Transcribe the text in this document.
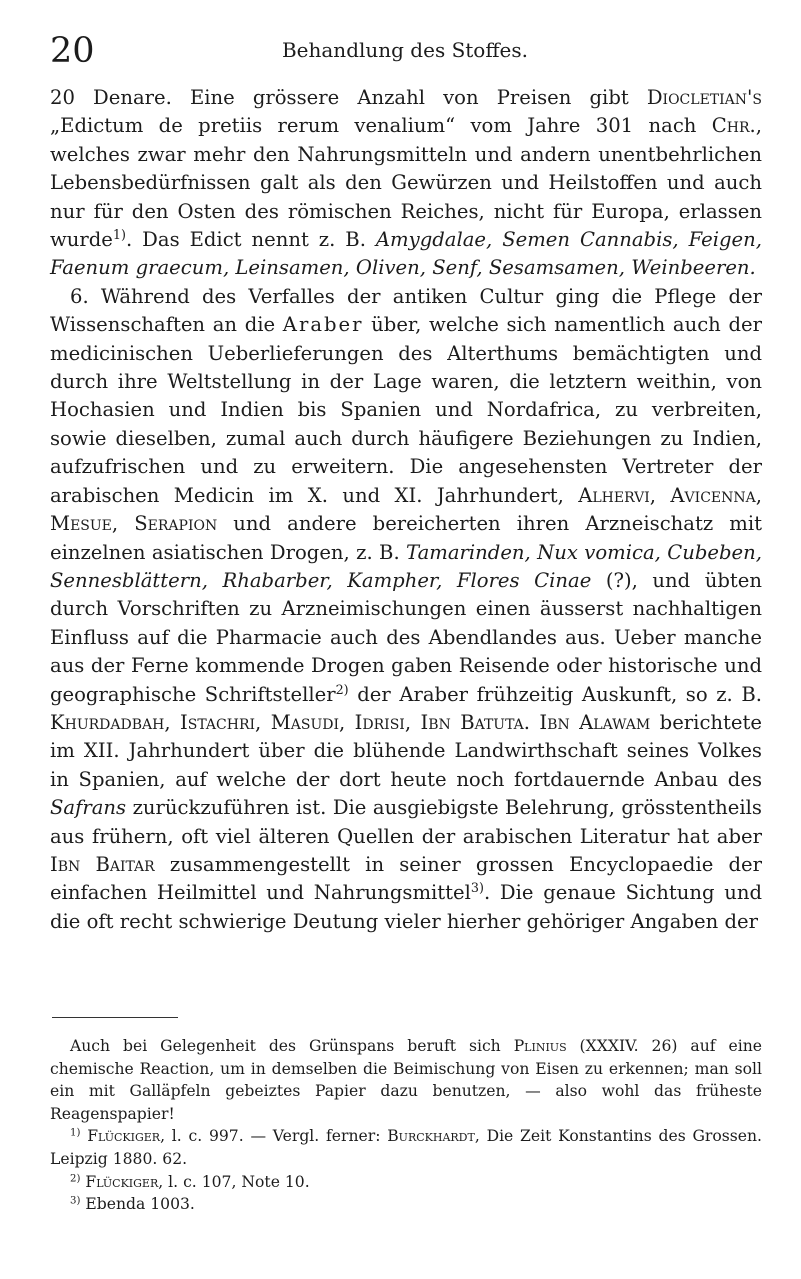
20	Behandlung des Stoffes.

20 Denare. Eine grössere Anzahl von Preisen gibt Diocletian's „Edictum de pretiis rerum venalium“ vom Jahre 301 nach Chr., welches zwar mehr den Nahrungsmitteln und andern unentbehrlichen Lebensbedürfnissen galt als den Gewürzen und Heilstoffen und auch nur für den Osten des römischen Reiches, nicht für Europa, erlassen wurde$^{1)}$. Das Edict nennt z. B. Amygdalae, Semen Cannabis, Feigen, Faenum graecum, Leinsamen, Oliven, Senf, Sesamsamen, Weinbeeren.

6. Während des Verfalles der antiken Cultur ging die Pflege der Wissenschaften an die Araber über, welche sich namentlich auch der medicinischen Ueberlieferungen des Alterthums bemächtigten und durch ihre Weltstellung in der Lage waren, die letztern weithin, von Hochasien und Indien bis Spanien und Nordafrica, zu verbreiten, sowie dieselben, zumal auch durch häufigere Beziehungen zu Indien, aufzufrischen und zu erweitern. Die angesehensten Vertreter der arabischen Medicin im X. und XI. Jahrhundert, Alhervi, Avicenna, Mesue, Serapion und andere bereicherten ihren Arzneischatz mit einzelnen asiatischen Drogen, z. B. Tamarinden, Nux vomica, Cubeben, Sennesblättern, Rhabarber, Kampher, Flores Cinae (?), und übten durch Vorschriften zu Arzneimischungen einen äusserst nachhaltigen Einfluss auf die Pharmacie auch des Abendlandes aus. Ueber manche aus der Ferne kommende Drogen gaben Reisende oder historische und geographische Schriftsteller$^{2)}$ der Araber frühzeitig Auskunft, so z. B. Khurdadbah, Istachri, Masudi, Idrisi, Ibn Batuta. Ibn Alawam berichtete im XII. Jahrhundert über die blühende Landwirthschaft seines Volkes in Spanien, auf welche der dort heute noch fortdauernde Anbau des Safrans zurückzuführen ist. Die ausgiebigste Belehrung, grösstentheils aus frühern, oft viel älteren Quellen der arabischen Literatur hat aber Ibn Baitar zusammengestellt in seiner grossen Encyclopaedie der einfachen Heilmittel und Nahrungsmittel$^{3)}$. Die genaue Sichtung und die oft recht schwierige Deutung vieler hierher gehöriger Angaben der

Auch bei Gelegenheit des Grünspans beruft sich Plinius (XXXIV. 26) auf eine chemische Reaction, um in demselben die Beimischung von Eisen zu erkennen; man soll ein mit Galläpfeln gebeiztes Papier dazu benutzen, — also wohl das früheste Reagenspapier!

$^{1)}$ Flückiger, l. c. 997. — Vergl. ferner: Burckhardt, Die Zeit Konstantins des Grossen. Leipzig 1880. 62.

$^{2)}$ Flückiger, l. c. 107, Note 10.

$^{3)}$ Ebenda 1003.
